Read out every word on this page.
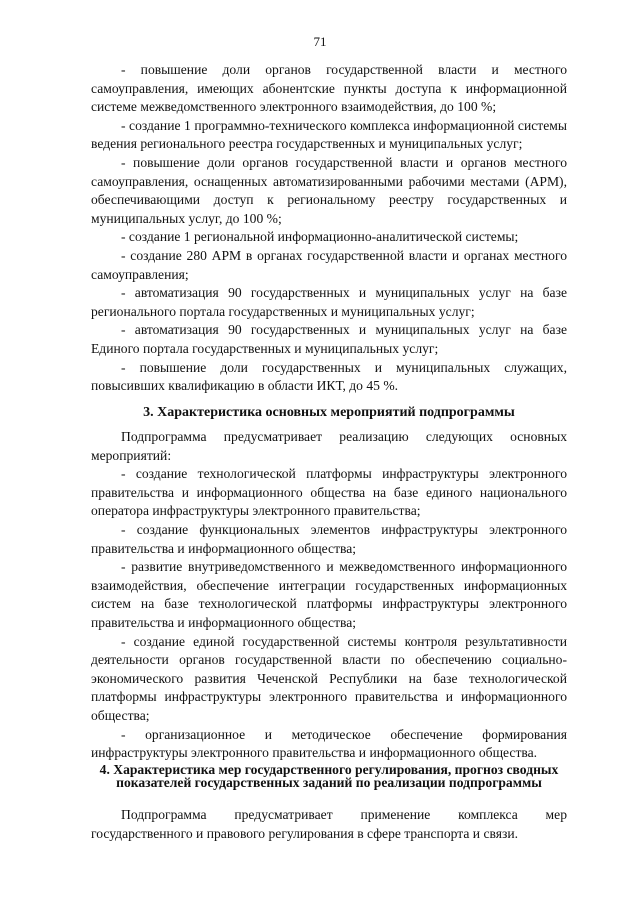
71

- повышение доли органов государственной власти и местного самоуправления, имеющих абонентские пункты доступа к информационной системе межведомственного электронного взаимодействия, до 100 %;

- создание 1 программно-технического комплекса информационной системы ведения регионального реестра государственных и муниципальных услуг;

- повышение доли органов государственной власти и органов местного самоуправления, оснащенных автоматизированными рабочими местами (АРМ), обеспечивающими доступ к региональному реестру государственных и муниципальных услуг, до 100 %;

- создание 1 региональной информационно-аналитической системы;

- создание 280 АРМ в органах государственной власти и органах местного самоуправления;

- автоматизация 90 государственных и муниципальных услуг на базе регионального портала государственных и муниципальных услуг;

- автоматизация 90 государственных и муниципальных услуг на базе Единого портала государственных и муниципальных услуг;

- повышение доли государственных и муниципальных служащих, повысивших квалификацию в области ИКТ, до 45 %.

3. Характеристика основных мероприятий подпрограммы

Подпрограмма предусматривает реализацию следующих основных мероприятий:

- создание технологической платформы инфраструктуры электронного правительства и информационного общества на базе единого национального оператора инфраструктуры электронного правительства;

- создание функциональных элементов инфраструктуры электронного правительства и информационного общества;

- развитие внутриведомственного и межведомственного информационного взаимодействия, обеспечение интеграции государственных информационных систем на базе технологической платформы инфраструктуры электронного правительства и информационного общества;

- создание единой государственной системы контроля результативности деятельности органов государственной власти по обеспечению социально-экономического развития Чеченской Республики на базе технологической платформы инфраструктуры электронного правительства и информационного общества;

- организационное и методическое обеспечение формирования инфраструктуры электронного правительства и информационного общества.

4. Характеристика мер государственного регулирования, прогноз сводных показателей государственных заданий по реализации подпрограммы

Подпрограмма предусматривает применение комплекса мер государственного и правового регулирования в сфере транспорта и связи.
